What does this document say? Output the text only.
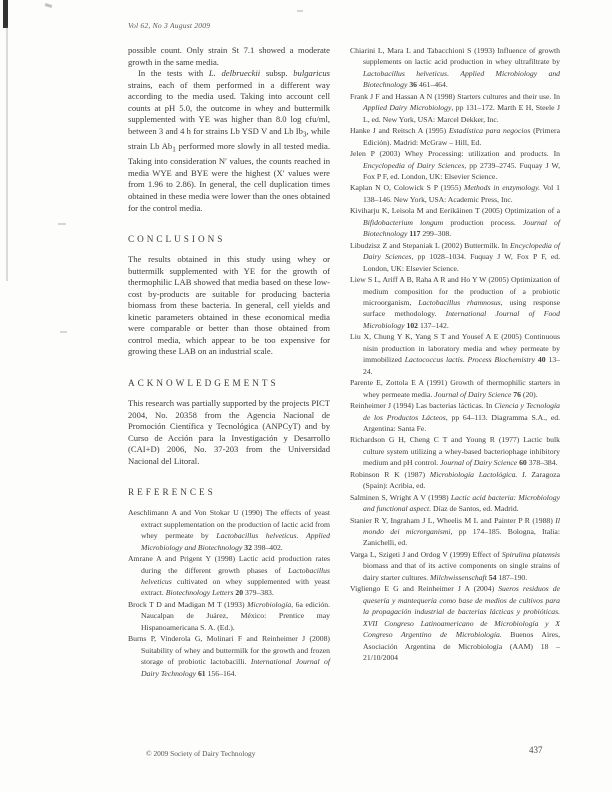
Vol 62, No 3 August 2009

possible count. Only strain St 7.1 showed a moderate growth in the same media.

In the tests with L. delbrueckii subsp. bulgaricus strains, each of them performed in a different way according to the media used. Taking into account cell counts at pH 5.0, the outcome in whey and buttermilk supplemented with YE was higher than 8.0 log cfu/ml, between 3 and 4 h for strains Lb YSD V and Lb $Ib_3$, while strain Lb $Ab_1$ performed more slowly in all tested media. Taking into consideration N′ values, the counts reached in media WYE and BYE were the highest (X′ values were from 1.96 to 2.86). In general, the cell duplication times obtained in these media were lower than the ones obtained for the control media.

CONCLUSIONS

The results obtained in this study using whey or buttermilk supplemented with YE for the growth of thermophilic LAB showed that media based on these low-cost by-products are suitable for producing bacteria biomass from these bacteria. In general, cell yields and kinetic parameters obtained in these economical media were comparable or better than those obtained from control media, which appear to be too expensive for growing these LAB on an industrial scale.

ACKNOWLEDGEMENTS

This research was partially supported by the projects PICT 2004, No. 20358 from the Agencia Nacional de Promoción Científica y Tecnológica (ANPCyT) and by Curso de Acción para la Investigación y Desarrollo (CAI+D) 2006, No. 37-203 from the Universidad Nacional del Litoral.

REFERENCES

Aeschlimann A and Von Stokar U (1990) The effects of yeast extract supplementation on the production of lactic acid from whey permeate by Lactobacillus helveticus. Applied Microbiology and Biotechnology 32 398–402.

Amrane A and Prigent Y (1998) Lactic acid production rates during the different growth phases of Lactobacillus helveticus cultivated on whey supplemented with yeast extract. Biotechnology Letters 20 379–383.

Brock T D and Madigan M T (1993) Microbiología, 6a edición. Naucalpan de Juárez, México: Prentice may Hispanoamericana S. A. (Ed.).

Burns P, Vinderola G, Molinari F and Reinheimer J (2008) Suitability of whey and buttermilk for the growth and frozen storage of probiotic lactobacilli. International Journal of Dairy Technology 61 156–164.

Chiarini L, Mara L and Tabacchioni S (1993) Influence of growth supplements on lactic acid production in whey ultrafiltrate by Lactobacillus helveticus. Applied Microbiology and Biotechnology 36 461–464.

Frank J F and Hassan A N (1998) Starters cultures and their use. In Applied Dairy Microbiology, pp 131–172. Marth E H, Steele J L, ed. New York, USA: Marcel Dekker, Inc.

Hanke J and Reitsch A (1995) Estadística para negocios (Primera Edición). Madrid: McGraw – Hill, Ed.

Jelen P (2003) Whey Processing: utilization and products. In Encyclopedia of Dairy Sciences, pp 2739–2745. Fuquay J W, Fox P F, ed. London, UK: Elsevier Science.

Kaplan N O, Colowick S P (1955) Methods in enzymology. Vol 1 138–146. New York, USA: Academic Press, Inc.

Kiviharju K, Leisola M and Eerikäinen T (2005) Optimization of a Bifidobacterium longum production process. Journal of Biotechnology 117 299–308.

Libudzisz Z and Stepaniak L (2002) Buttermilk. In Encyclopedia of Dairy Sciences, pp 1028–1034. Fuquay J W, Fox P F, ed. London, UK: Elsevier Science.

Liew S L, Ariff A B, Raha A R and Ho Y W (2005) Optimization of medium composition for the production of a probiotic microorganism, Lactobacillus rhamnosus, using response surface methodology. International Journal of Food Microbiology 102 137–142.

Liu X, Chung Y K, Yang S T and Yousef A E (2005) Continuous nisin production in laboratory media and whey permeate by immobilized Lactococcus lactis. Process Biochemistry 40 13–24.

Parente E, Zottola E A (1991) Growth of thermophilic starters in whey permeate media. Journal of Dairy Science 76 (20).

Reinheimer J (1994) Las bacterias lácticas. In Ciencia y Tecnología de los Productos Lácteos, pp 64–113. Diagramma S.A., ed. Argentina: Santa Fe.

Richardson G H, Cheng C T and Young R (1977) Lactic bulk culture system utilizing a whey-based bacteriophage inhibitory medium and pH control. Journal of Dairy Science 60 378–384.

Robinson R K (1987) Microbiología Lactológica. I. Zaragoza (Spain): Acribia, ed.

Salminen S, Wright A V (1998) Lactic acid bacteria: Microbiology and functional aspect. Díaz de Santos, ed. Madrid.

Stanier R Y, Ingraham J L, Wheelis M L and Painter P R (1988) Il mondo dei microrganismi, pp 174–185. Bologna, Italia: Zanichelli, ed.

Varga L, Szigeti J and Ordog V (1999) Effect of Spirulina platensis biomass and that of its active components on single strains of dairy starter cultures. Milchwissenschaft 54 187–190.

Vigliengo E G and Reinheimer J A (2004) Sueros residuos de quesería y mantequería como base de medios de cultivos para la propagación industrial de bacterias lácticas y probióticas. XVII Congreso Latinoamericano de Microbiología y X Congreso Argentino de Microbiología. Buenos Aires, Asociación Argentina de Microbiología (AAM) 18 – 21/10/2004

© 2009 Society of Dairy Technology	437
